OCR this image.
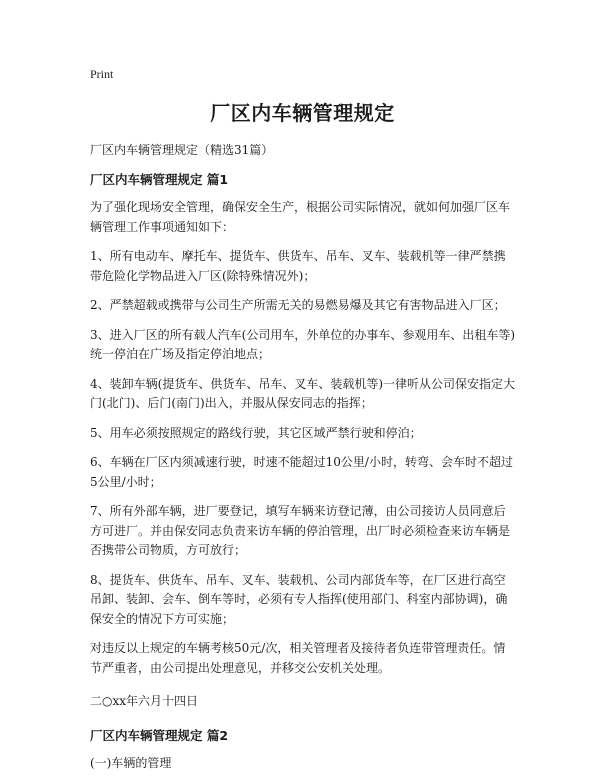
Print
厂区内车辆管理规定
厂区内车辆管理规定（精选31篇）
厂区内车辆管理规定 篇1

为了强化现场安全管理，确保安全生产，根据公司实际情况，就如何加强厂区车辆管理工作事项通知如下：

1、所有电动车、摩托车、提货车、供货车、吊车、叉车、装载机等一律严禁携带危险化学物品进入厂区(除特殊情况外)；

2、严禁超载或携带与公司生产所需无关的易燃易爆及其它有害物品进入厂区；

3、进入厂区的所有载人汽车(公司用车，外单位的办事车、参观用车、出租车等)统一停泊在广场及指定停泊地点；

4、装卸车辆(提货车、供货车、吊车、叉车、装载机等)一律听从公司保安指定大门(北门)、后门(南门)出入，并服从保安同志的指挥；

5、用车必须按照规定的路线行驶，其它区域严禁行驶和停泊；

6、车辆在厂区内须减速行驶，时速不能超过10公里/小时，转弯、会车时不超过5公里/小时；

7、所有外部车辆，进厂要登记，填写车辆来访登记薄，由公司接访人员同意后方可进厂。并由保安同志负责来访车辆的停泊管理，出厂时必须检查来访车辆是否携带公司物质，方可放行；

8、提货车、供货车、吊车、叉车、装载机、公司内部货车等，在厂区进行高空吊卸、装卸、会车、倒车等时，必须有专人指挥(使用部门、科室内部协调)，确保安全的情况下方可实施；

对违反以上规定的车辆考核50元/次，相关管理者及接待者负连带管理责任。情节严重者，由公司提出处理意见，并移交公安机关处理。

二○xx年六月十四日

厂区内车辆管理规定 篇2

(一)车辆的管理
